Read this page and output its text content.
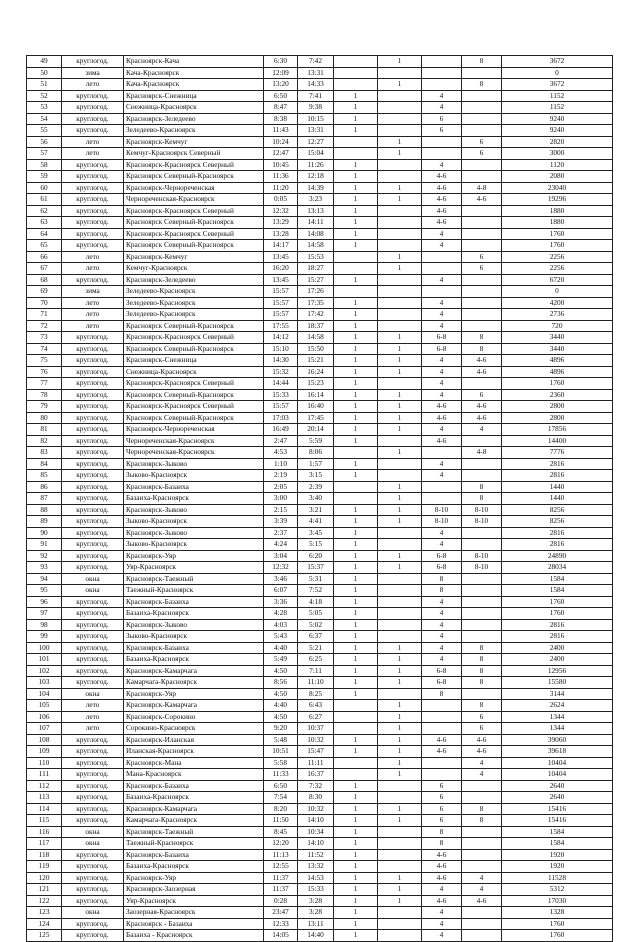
49	круглогод.	Красноярск-Кача	6:30	7:42		1		8	3672
50	зима	Кача-Красноярск	12:09	13:31					0
51	лето	Кача-Красноярск	13:20	14:33		1		8	3672
52	круглогод.	Красноярск-Снежница	6:50	7:41	1		4		1152
53	круглогод.	Снежница-Красноярск	8:47	9:38	1		4		1152
54	круглогод.	Красноярск-Зеледеево	8:38	10:15	1		6		9240
55	круглогод.	Зеледеево-Красноярск	11:43	13:31	1		6		9240
56	лето	Красноярск-Кемчуг	10:24	12:27		1		6	2820
57	лето	Кемчуг-Красноярск Северный	12:47	15:04		1		6	3000
58	круглогод.	Красноярск-Красноярск Северный	10:45	11:26	1		4		1120
59	круглогод.	Красноярск Северный-Красноярск	11:36	12:18	1		4-6		2080
60	круглогод.	Красноярск-Чернореченская	11:20	14:39	1	1	4-6	4-8	23040
61	круглогод.	Чернореченская-Красноярск	0:05	3:23	1	1	4-6	4-6	19296
62	круглогод.	Красноярск-Красноярск Северный	12:32	13:13	1		4-6		1880
63	круглогод.	Красноярск Северный-Красноярск	13:29	14:11	1		4-6		1880
64	круглогод.	Красноярск-Красноярск Северный	13:28	14:08	1		4		1760
65	круглогод.	Красноярск Северный-Красноярск	14:17	14:58	1		4		1760
66	лето	Красноярск-Кемчуг	13:45	15:53		1		6	2256
67	лето	Кемчуг-Красноярск	16:20	18:27		1		6	2256
68	круглогод.	Красноярск-Зеледеево	13:45	15:27	1		4		6720
69	зима	Зеледеево-Красноярск	15:57	17:26					0
70	лето	Зеледеево-Красноярск	15:57	17:35	1		4		4200
71	лето	Зеледеево-Красноярск	15:57	17:42	1		4		2736
72	лето	Красноярск Северный-Красноярск	17:55	18:37	1		4		720
73	круглогод.	Красноярск-Красноярск Северный	14:12	14:58	1	1	6-8	8	3440
74	круглогод.	Красноярск Северный-Красноярск	15:10	15:50	1	1	6-8	8	3440
75	круглогод.	Красноярск-Снежница	14:30	15:21	1	1	4	4-6	4896
76	круглогод.	Снежница-Красноярск	15:32	16:24	1	1	4	4-6	4896
77	круглогод.	Красноярск-Красноярск Северный	14:44	15:23	1		4		1760
78	круглогод.	Красноярск Северный-Красноярск	15:33	16:14	1	1	4	6	2360
79	круглогод.	Красноярск-Красноярск Северный	15:57	16:40	1	1	4-6	4-6	2800
80	круглогод.	Красноярск Северный-Красноярск	17:03	17:45	1	1	4-6	4-6	2800
81	круглогод.	Красноярск-Чернореченская	16:49	20:14	1	1	4	4	17856
82	круглогод.	Чернореченская-Красноярск	2:47	5:59	1		4-6		14400
83	круглогод.	Чернореченская-Красноярск	4:53	8:06		1		4-8	7776
84	круглогод.	Красноярск-Зыково	1:10	1:57	1		4		2816
85	круглогод.	Зыково-Красноярск	2:19	3:15	1		4		2816
86	круглогод.	Красноярск-Базаиха	2:05	2:39		1		8	1440
87	круглогод.	Базаиха-Красноярск	3:00	3:40		1		8	1440
88	круглогод.	Красноярск-Зыково	2:15	3:21	1	1	8-10	8-10	8256
89	круглогод.	Зыково-Красноярск	3:39	4:41	1	1	8-10	8-10	8256
90	круглогод.	Красноярск-Зыково	2:37	3:45	1		4		2816
91	круглогод.	Зыково-Красноярск	4:24	5:15	1		4		2816
92	круглогод.	Красноярск-Уяр	3:04	6:20	1	1	6-8	8-10	24890
93	круглогод.	Уяр-Красноярск	12:32	15:37	1	1	6-8	8-10	28034
94	окна	Красноярск-Таежный	3:46	5:31	1		8		1584
95	окна	Таежный-Красноярск	6:07	7:52	1		8		1584
96	круглогод.	Красноярск-Базаиха	3:36	4:18	1		4		1760
97	круглогод.	Базаиха-Красноярск	4:28	5:05	1		4		1760
98	круглогод.	Красноярск-Зыково	4:03	5:02	1		4		2816
99	круглогод.	Зыково-Красноярск	5:43	6:37	1		4		2816
100	круглогод.	Красноярск-Базаиха	4:40	5:21	1	1	4	8	2400
101	круглогод.	Базаиха-Красноярск	5:49	6:25	1	1	4	8	2400
102	круглогод.	Красноярск-Камарчага	4:50	7:11	1	1	6-8	8	12956
103	круглогод.	Камарчага-Красноярск	8:56	11:10	1	1	6-8	8	15580
104	окна	Красноярск-Уяр	4:50	8:25	1		8		3144
105	лето	Красноярск-Камарчага	4:40	6:43		1		8	2624
106	лето	Красноярск-Сорокино	4:50	6:27		1		6	1344
107	лето	Сорокино-Красноярск	9:20	10:37		1		6	1344
108	круглогод.	Красноярск-Иланская	5:48	10:32	1	1	4-6	4-6	39060
109	круглогод.	Иланская-Красноярск	10:51	15:47	1	1	4-6	4-6	39618
110	круглогод.	Красноярск-Мана	5:58	11:11		1		4	10404
111	круглогод.	Мана-Красноярск	11:33	16:37		1		4	10404
112	круглогод.	Красноярск-Базаиха	6:50	7:32	1		6		2640
113	круглогод.	Базаиха-Красноярск	7:54	8:30	1		6		2640
114	круглогод.	Красноярск-Камарчага	8:20	10:32	1	1	6	8	15416
115	круглогод.	Камарчага-Красноярск	11:50	14:10	1	1	6	8	15416
116	окна	Красноярск-Таежный	8:45	10:34	1		8		1584
117	окна	Таежный-Красноярск	12:20	14:10	1		8		1584
118	круглогод.	Красноярск-Базаиха	11:13	11:52	1		4-6		1920
119	круглогод.	Базаиха-Красноярск	12:55	13:32	1		4-6		1920
120	круглогод.	Красноярск-Уяр	11:37	14:53	1	1	4-6	4	11528
121	круглогод.	Красноярск-Заозерная	11:37	15:33	1	1	4	4	5312
122	круглогод.	Уяр-Красноярск	0:28	3:28	1	1	4-6	4-6	17030
123	окна	Заозерная-Красноярск	23:47	3:28	1		4		1328
124	круглогод.	Красноярск - Базаиха	12:33	13:11	1		4		1760
125	круглогод.	Базаиха - Красноярск	14:05	14:40	1		4		1760
